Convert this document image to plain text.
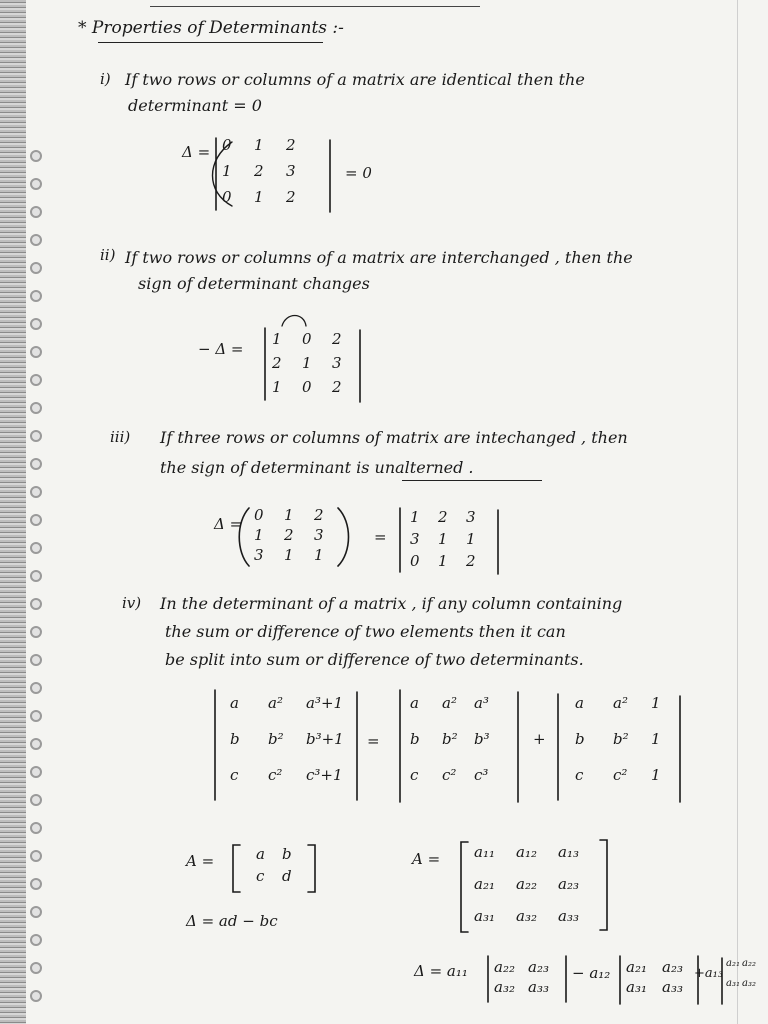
* Properties of Determinants :-
i) If two rows or columns of a matrix are identical then the
determinant = 0
Δ = 0 1 2
1 2 3
0 1 2
= 0
ii) If two rows or columns of a matrix are interchanged , then the
sign of determinant changes
− Δ =
1 0 2
2 1 3
1 0 2
iii) If three rows or columns of matrix are intechanged , then
the sign of determinant is unalterned .
Δ = 0 1 2
1 2 3
3 1 1
=
1 2 3
3 1 1
0 1 2
iv) In the determinant of a matrix , if any column containing
the sum or difference of two elements then it can
be split into sum or difference of two determinants.
a a² a³+1
b b² b³+1
c c² c³+1
=
a a² a³
b b² b³
c c² c³
+
a a² 1
b b² 1
c c² 1
A =	a b
c d
Δ = ad − bc
A = a₁₁ a₁₂ a₁₃
a₂₁ a₂₂ a₂₃
a₃₁ a₃₂ a₃₃
Δ = a₁₁ a₂₂ a₂₃
a₃₂ a₃₃
− a₁₂ a₂₁ a₂₃
a₃₁ a₃₃
+a₁₃
a₂₁ a₂₂
a₃₁ a₃₂
